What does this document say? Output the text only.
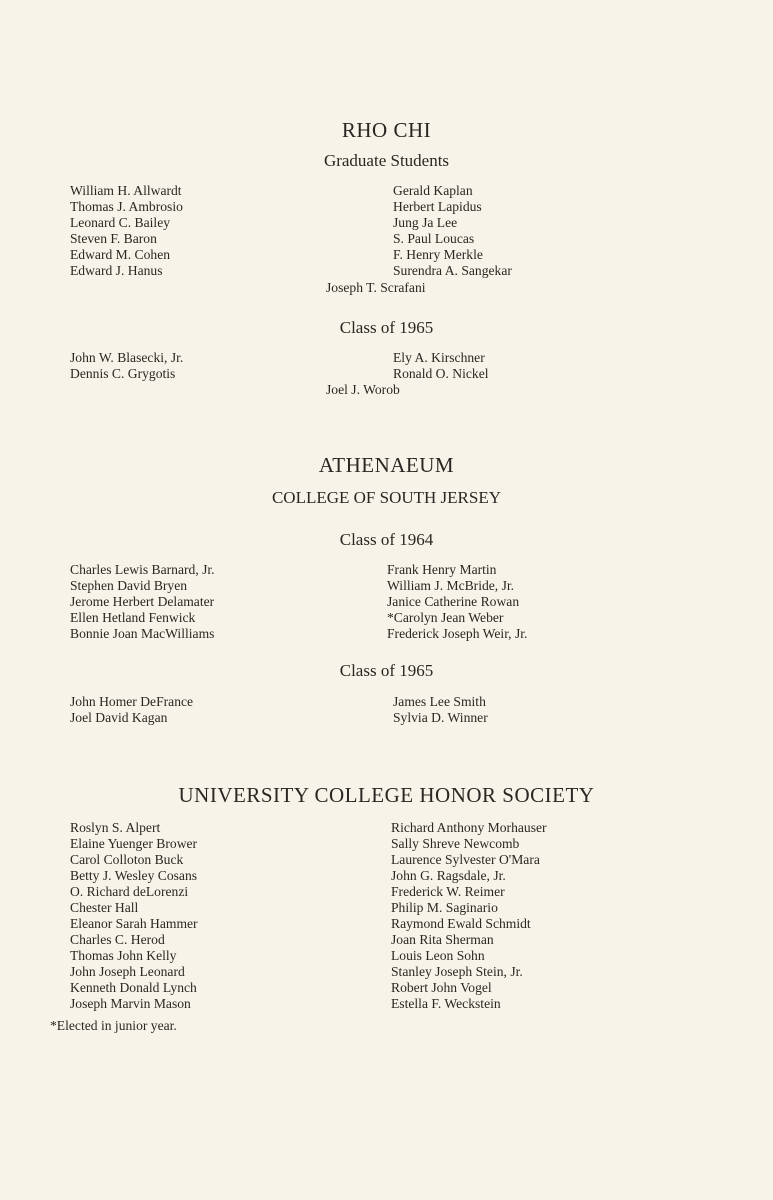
RHO CHI
Graduate Students
William H. Allwardt
Thomas J. Ambrosio
Leonard C. Bailey
Steven F. Baron
Edward M. Cohen
Edward J. Hanus
Gerald Kaplan
Herbert Lapidus
Jung Ja Lee
S. Paul Loucas
F. Henry Merkle
Surendra A. Sangekar
Joseph T. Scrafani
Class of 1965
John W. Blasecki, Jr.
Dennis C. Grygotis
Ely A. Kirschner
Ronald O. Nickel
Joel J. Worob
ATHENAEUM
COLLEGE OF SOUTH JERSEY
Class of 1964
Charles Lewis Barnard, Jr.
Stephen David Bryen
Jerome Herbert Delamater
Ellen Hetland Fenwick
Bonnie Joan MacWilliams
Frank Henry Martin
William J. McBride, Jr.
Janice Catherine Rowan
*Carolyn Jean Weber
Frederick Joseph Weir, Jr.
Class of 1965
John Homer DeFrance
Joel David Kagan
James Lee Smith
Sylvia D. Winner
UNIVERSITY COLLEGE HONOR SOCIETY
Roslyn S. Alpert
Elaine Yuenger Brower
Carol Colloton Buck
Betty J. Wesley Cosans
O. Richard deLorenzi
Chester Hall
Eleanor Sarah Hammer
Charles C. Herod
Thomas John Kelly
John Joseph Leonard
Kenneth Donald Lynch
Joseph Marvin Mason
Richard Anthony Morhauser
Sally Shreve Newcomb
Laurence Sylvester O'Mara
John G. Ragsdale, Jr.
Frederick W. Reimer
Philip M. Saginario
Raymond Ewald Schmidt
Joan Rita Sherman
Louis Leon Sohn
Stanley Joseph Stein, Jr.
Robert John Vogel
Estella F. Weckstein
*Elected in junior year.
